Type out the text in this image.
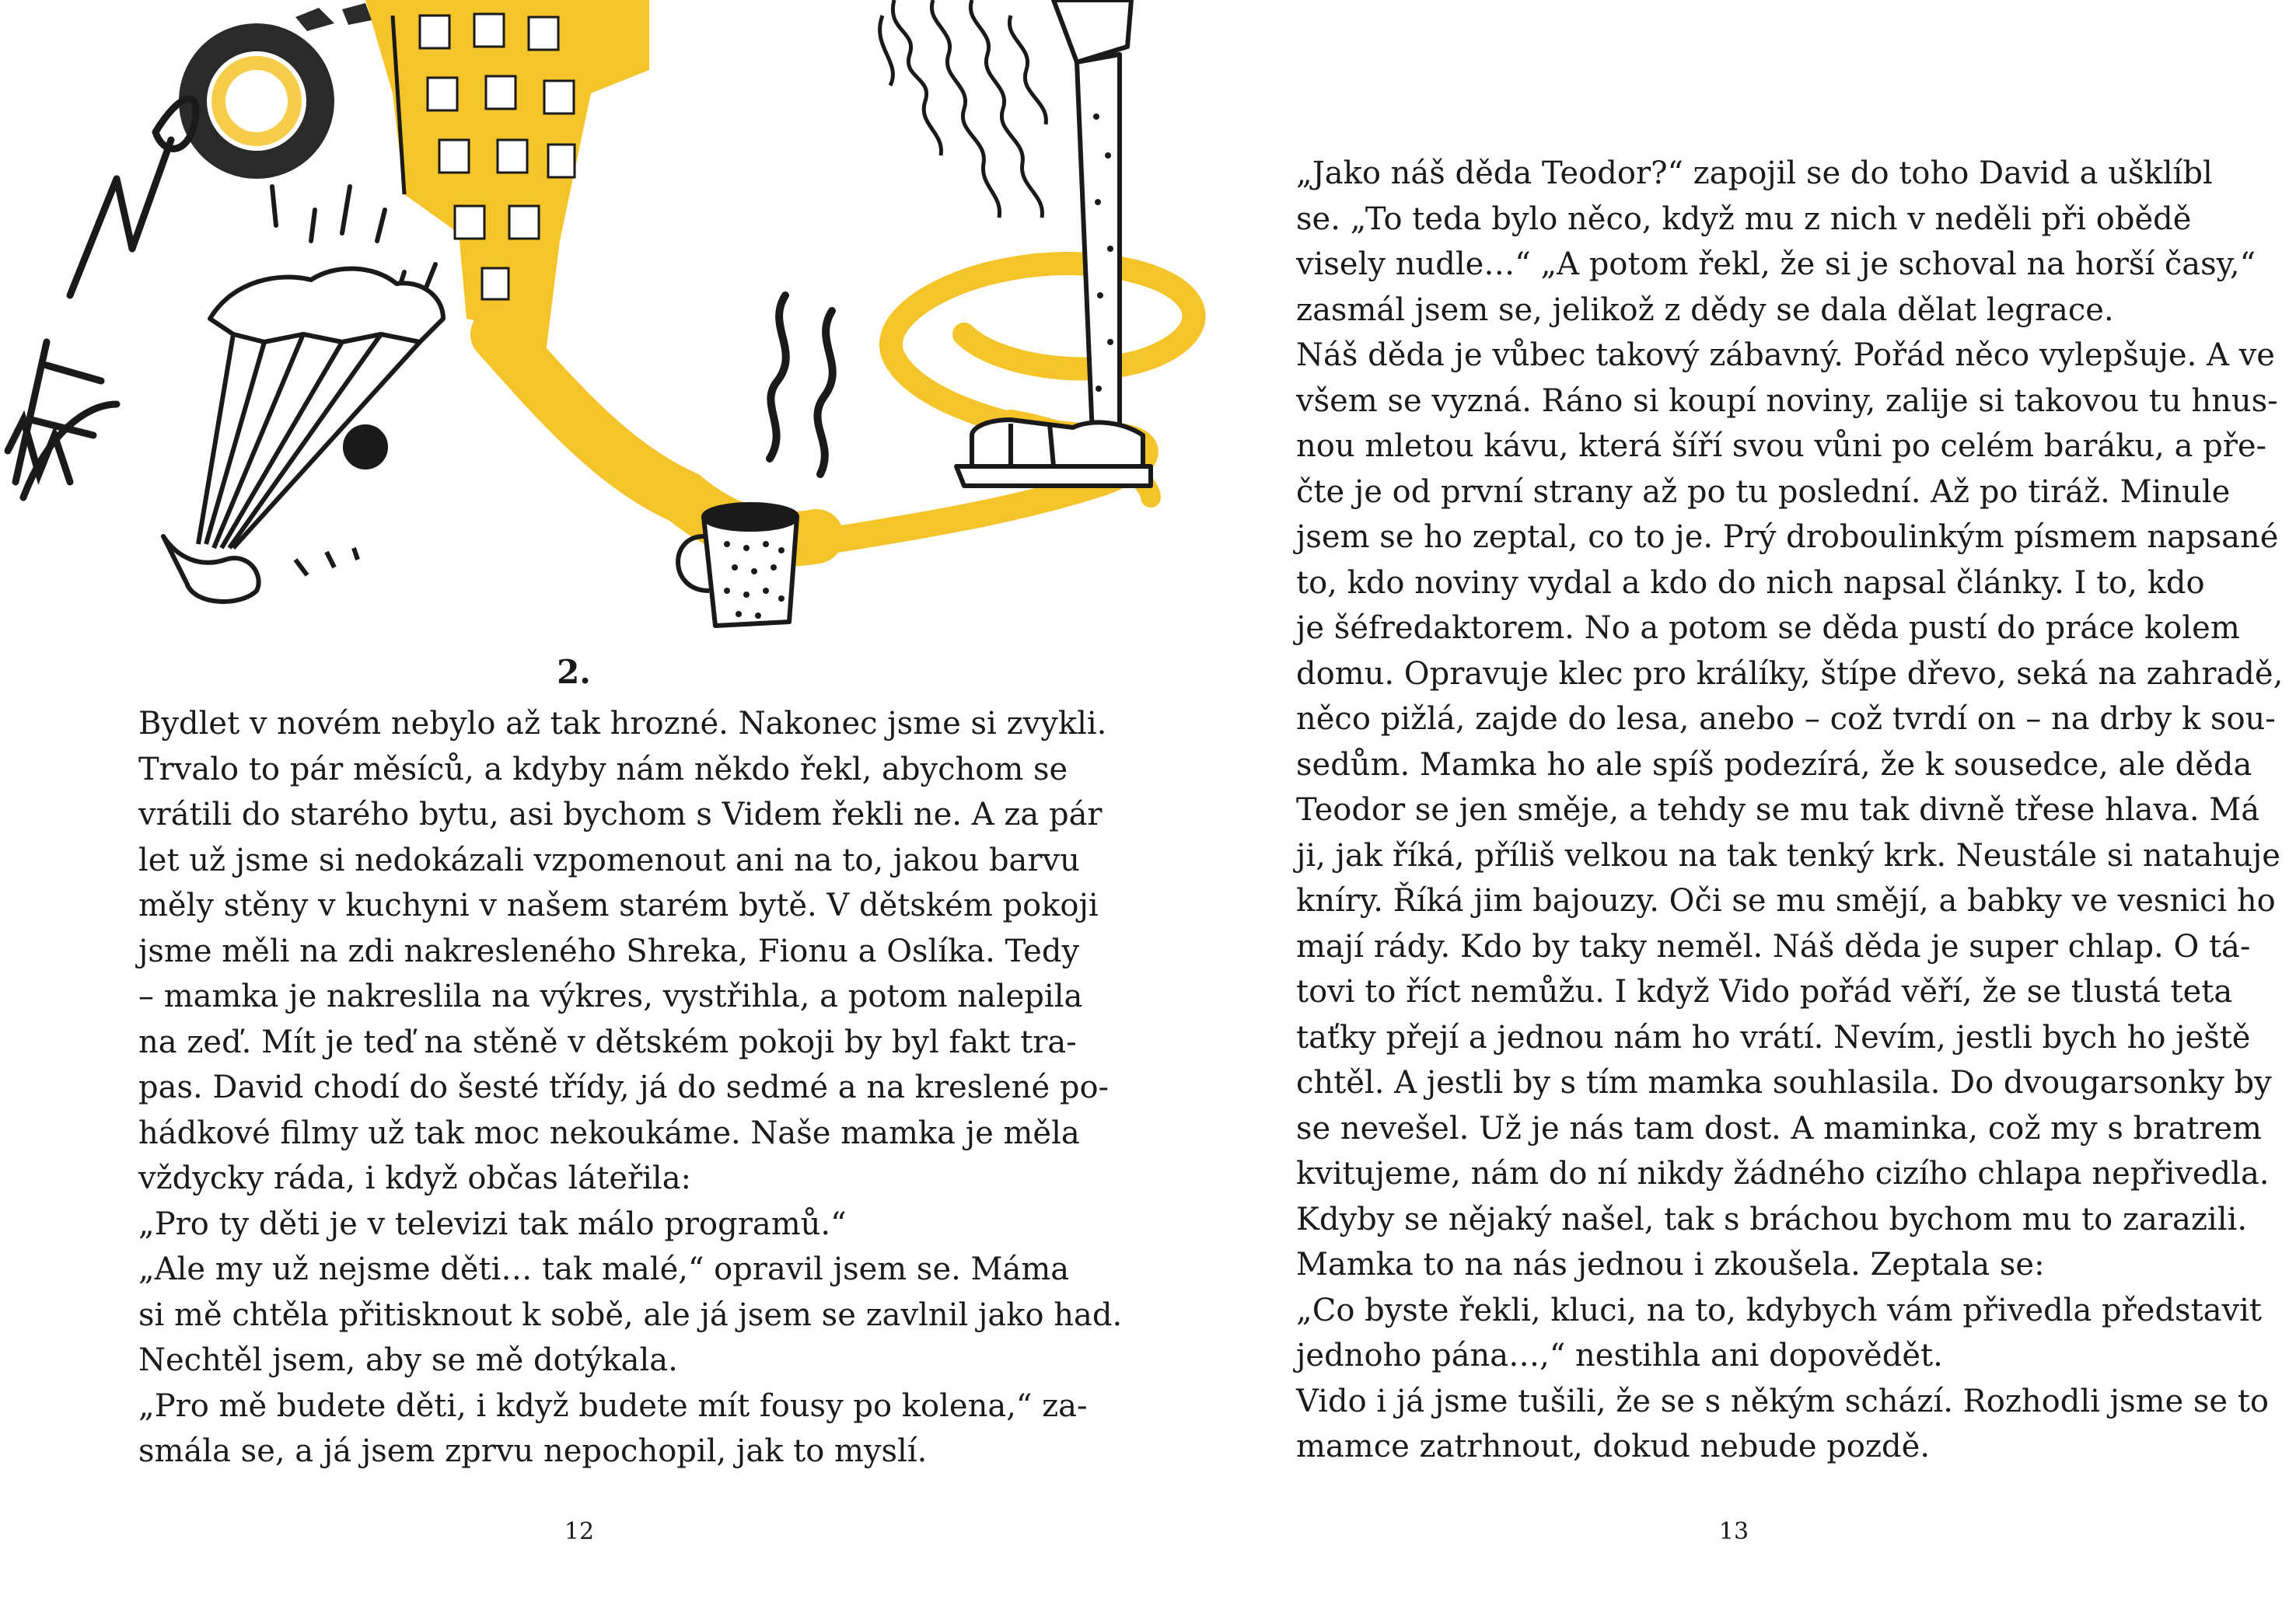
2.
Bydlet v novém nebylo až tak hrozné. Nakonec jsme si zvykli.
Trvalo to pár měsíců, a kdyby nám někdo řekl, abychom se
vrátili do starého bytu, asi bychom s Videm řekli ne. A za pár
let už jsme si nedokázali vzpomenout ani na to, jakou barvu
měly stěny v kuchyni v našem starém bytě. V dětském pokoji
jsme měli na zdi nakresleného Shreka, Fionu a Oslíka. Tedy
– mamka je nakreslila na výkres, vystřihla, a potom nalepila
na zeď. Mít je teď na stěně v dětském pokoji by byl fakt tra-
pas. David chodí do šesté třídy, já do sedmé a na kreslené po-
hádkové filmy už tak moc nekoukáme. Naše mamka je měla
vždycky ráda, i když občas láteřila:
„Pro ty děti je v televizi tak málo programů.“
„Ale my už nejsme děti… tak malé,“ opravil jsem se. Máma
si mě chtěla přitisknout k sobě, ale já jsem se zavlnil jako had.
Nechtěl jsem, aby se mě dotýkala.
„Pro mě budete děti, i když budete mít fousy po kolena,“ za-
smála se, a já jsem zprvu nepochopil, jak to myslí.
12
„Jako náš děda Teodor?“ zapojil se do toho David a ušklíbl
se. „To teda bylo něco, když mu z nich v neděli při obědě
visely nudle…“ „A potom řekl, že si je schoval na horší časy,“
zasmál jsem se, jelikož z dědy se dala dělat legrace.
Náš děda je vůbec takový zábavný. Pořád něco vylepšuje. A ve
všem se vyzná. Ráno si koupí noviny, zalije si takovou tu hnus-
nou mletou kávu, která šíří svou vůni po celém baráku, a pře-
čte je od první strany až po tu poslední. Až po tiráž. Minule
jsem se ho zeptal, co to je. Prý droboulinkým písmem napsané
to, kdo noviny vydal a kdo do nich napsal články. I to, kdo
je šéfredaktorem. No a potom se děda pustí do práce kolem
domu. Opravuje klec pro králíky, štípe dřevo, seká na zahradě,
něco pižlá, zajde do lesa, anebo – což tvrdí on – na drby k sou-
sedům. Mamka ho ale spíš podezírá, že k sousedce, ale děda
Teodor se jen směje, a tehdy se mu tak divně třese hlava. Má
ji, jak říká, příliš velkou na tak tenký krk. Neustále si natahuje
kníry. Říká jim bajouzy. Oči se mu smějí, a babky ve vesnici ho
mají rády. Kdo by taky neměl. Náš děda je super chlap. O tá-
tovi to říct nemůžu. I když Vido pořád věří, že se tlustá teta
taťky přejí a jednou nám ho vrátí. Nevím, jestli bych ho ještě
chtěl. A jestli by s tím mamka souhlasila. Do dvougarsonky by
se nevešel. Už je nás tam dost. A maminka, což my s bratrem
kvitujeme, nám do ní nikdy žádného cizího chlapa nepřivedla.
Kdyby se nějaký našel, tak s bráchou bychom mu to zarazili.
Mamka to na nás jednou i zkoušela. Zeptala se:
„Co byste řekli, kluci, na to, kdybych vám přivedla představit
jednoho pána…,“ nestihla ani dopovědět.
Vido i já jsme tušili, že se s někým schází. Rozhodli jsme se to
mamce zatrhnout, dokud nebude pozdě.
13
